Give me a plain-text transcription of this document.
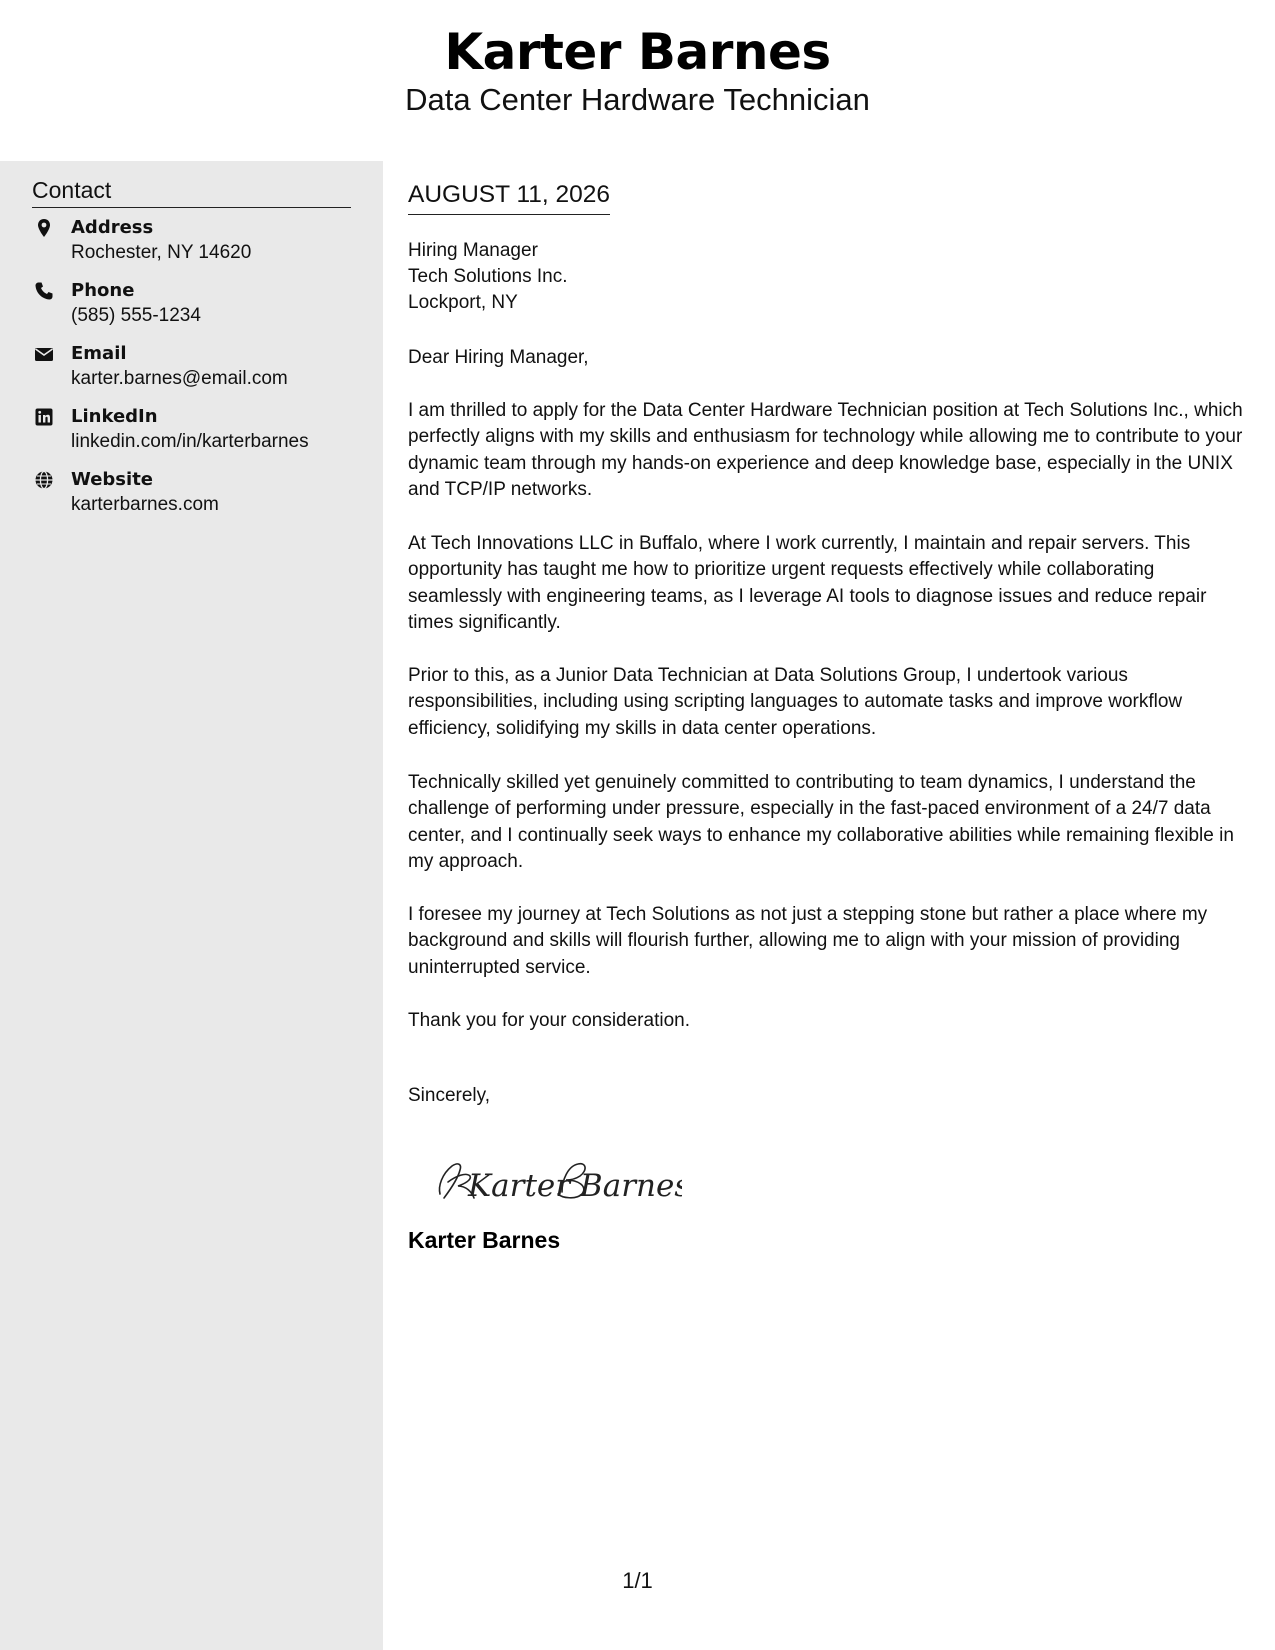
Karter Barnes
Data Center Hardware Technician
Contact
Address
Rochester, NY 14620
Phone
(585) 555-1234
Email
karter.barnes@email.com
LinkedIn
linkedin.com/in/karterbarnes
Website
karterbarnes.com
AUGUST 11, 2026
Hiring Manager
Tech Solutions Inc.
Lockport, NY
Dear Hiring Manager,
I am thrilled to apply for the Data Center Hardware Technician position at Tech Solutions Inc., which perfectly aligns with my skills and enthusiasm for technology while allowing me to contribute to your dynamic team through my hands-on experience and deep knowledge base, especially in the UNIX and TCP/IP networks.
At Tech Innovations LLC in Buffalo, where I work currently, I maintain and repair servers. This opportunity has taught me how to prioritize urgent requests effectively while collaborating seamlessly with engineering teams, as I leverage AI tools to diagnose issues and reduce repair times significantly.
Prior to this, as a Junior Data Technician at Data Solutions Group, I undertook various responsibilities, including using scripting languages to automate tasks and improve workflow efficiency, solidifying my skills in data center operations.
Technically skilled yet genuinely committed to contributing to team dynamics, I understand the challenge of performing under pressure, especially in the fast-paced environment of a 24/7 data center, and I continually seek ways to enhance my collaborative abilities while remaining flexible in my approach.
I foresee my journey at Tech Solutions as not just a stepping stone but rather a place where my background and skills will flourish further, allowing me to align with your mission of providing uninterrupted service.
Thank you for your consideration.
Sincerely,
Karter Barnes
Karter Barnes
1/1
